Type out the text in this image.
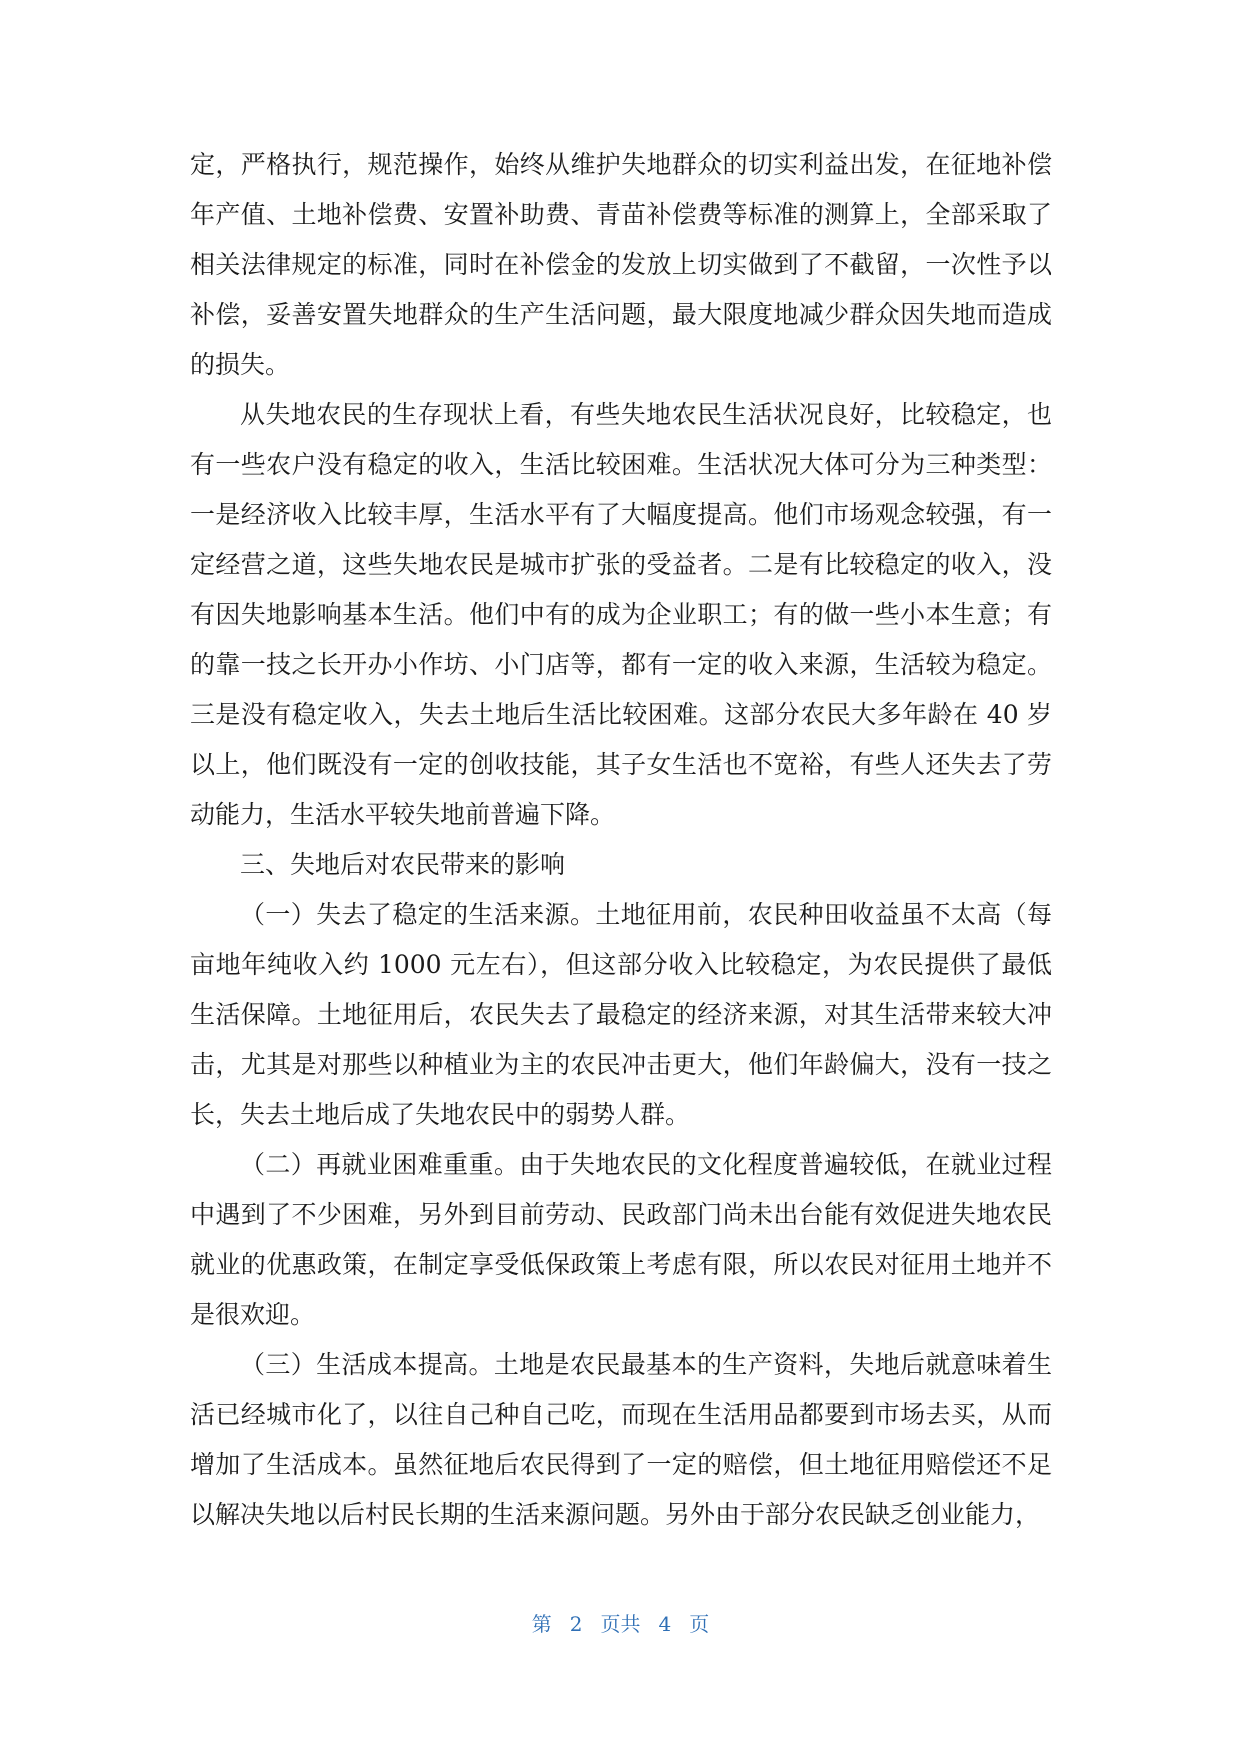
定，严格执行，规范操作，始终从维护失地群众的切实利益出发，在征地补偿年产值、土地补偿费、安置补助费、青苗补偿费等标准的测算上，全部采取了相关法律规定的标准，同时在补偿金的发放上切实做到了不截留，一次性予以补偿，妥善安置失地群众的生产生活问题，最大限度地减少群众因失地而造成的损失。

从失地农民的生存现状上看，有些失地农民生活状况良好，比较稳定，也有一些农户没有稳定的收入，生活比较困难。生活状况大体可分为三种类型：一是经济收入比较丰厚，生活水平有了大幅度提高。他们市场观念较强，有一定经营之道，这些失地农民是城市扩张的受益者。二是有比较稳定的收入，没有因失地影响基本生活。他们中有的成为企业职工；有的做一些小本生意；有的靠一技之长开办小作坊、小门店等，都有一定的收入来源，生活较为稳定。三是没有稳定收入，失去土地后生活比较困难。这部分农民大多年龄在 40 岁以上，他们既没有一定的创收技能，其子女生活也不宽裕，有些人还失去了劳动能力，生活水平较失地前普遍下降。

三、失地后对农民带来的影响

（一）失去了稳定的生活来源。土地征用前，农民种田收益虽不太高（每亩地年纯收入约 1000 元左右），但这部分收入比较稳定，为农民提供了最低生活保障。土地征用后，农民失去了最稳定的经济来源，对其生活带来较大冲击，尤其是对那些以种植业为主的农民冲击更大，他们年龄偏大，没有一技之长，失去土地后成了失地农民中的弱势人群。

（二）再就业困难重重。由于失地农民的文化程度普遍较低，在就业过程中遇到了不少困难，另外到目前劳动、民政部门尚未出台能有效促进失地农民就业的优惠政策，在制定享受低保政策上考虑有限，所以农民对征用土地并不是很欢迎。

（三）生活成本提高。土地是农民最基本的生产资料，失地后就意味着生活已经城市化了，以往自己种自己吃，而现在生活用品都要到市场去买，从而增加了生活成本。虽然征地后农民得到了一定的赔偿，但土地征用赔偿还不足以解决失地以后村民长期的生活来源问题。另外由于部分农民缺乏创业能力，

第 2 页共 4 页
